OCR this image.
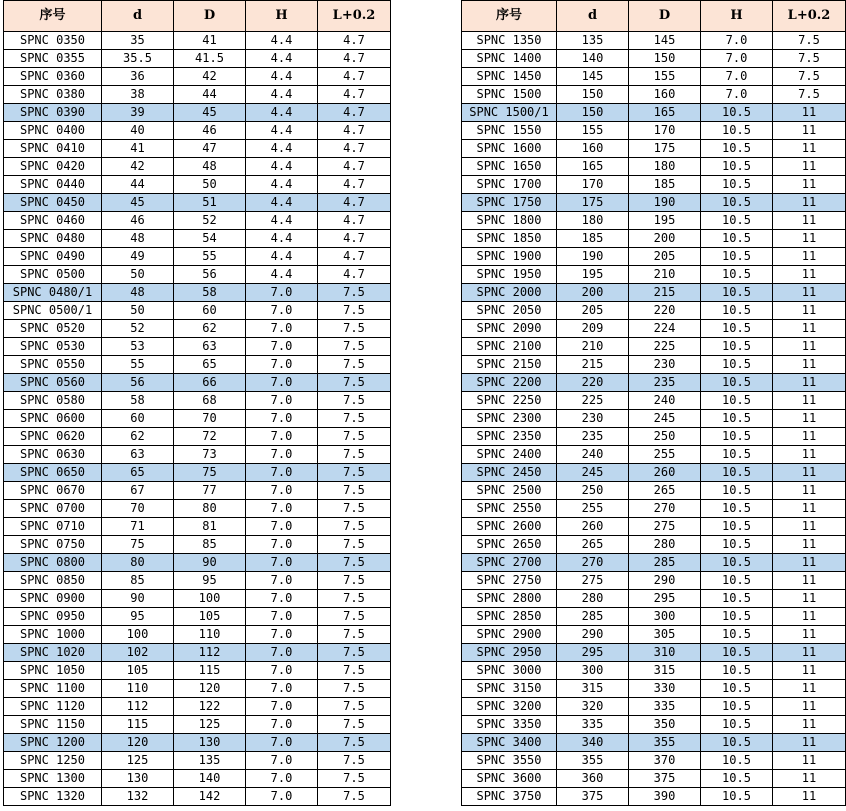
序号	d	D	H	L+0.2
SPNC 0350	35	41	4.4	4.7
SPNC 0355	35.5	41.5	4.4	4.7
SPNC 0360	36	42	4.4	4.7
SPNC 0380	38	44	4.4	4.7
SPNC 0390	39	45	4.4	4.7
SPNC 0400	40	46	4.4	4.7
SPNC 0410	41	47	4.4	4.7
SPNC 0420	42	48	4.4	4.7
SPNC 0440	44	50	4.4	4.7
SPNC 0450	45	51	4.4	4.7
SPNC 0460	46	52	4.4	4.7
SPNC 0480	48	54	4.4	4.7
SPNC 0490	49	55	4.4	4.7
SPNC 0500	50	56	4.4	4.7
SPNC 0480/1	48	58	7.0	7.5
SPNC 0500/1	50	60	7.0	7.5
SPNC 0520	52	62	7.0	7.5
SPNC 0530	53	63	7.0	7.5
SPNC 0550	55	65	7.0	7.5
SPNC 0560	56	66	7.0	7.5
SPNC 0580	58	68	7.0	7.5
SPNC 0600	60	70	7.0	7.5
SPNC 0620	62	72	7.0	7.5
SPNC 0630	63	73	7.0	7.5
SPNC 0650	65	75	7.0	7.5
SPNC 0670	67	77	7.0	7.5
SPNC 0700	70	80	7.0	7.5
SPNC 0710	71	81	7.0	7.5
SPNC 0750	75	85	7.0	7.5
SPNC 0800	80	90	7.0	7.5
SPNC 0850	85	95	7.0	7.5
SPNC 0900	90	100	7.0	7.5
SPNC 0950	95	105	7.0	7.5
SPNC 1000	100	110	7.0	7.5
SPNC 1020	102	112	7.0	7.5
SPNC 1050	105	115	7.0	7.5
SPNC 1100	110	120	7.0	7.5
SPNC 1120	112	122	7.0	7.5
SPNC 1150	115	125	7.0	7.5
SPNC 1200	120	130	7.0	7.5
SPNC 1250	125	135	7.0	7.5
SPNC 1300	130	140	7.0	7.5
SPNC 1320	132	142	7.0	7.5
序号	d	D	H	L+0.2
SPNC 1350	135	145	7.0	7.5
SPNC 1400	140	150	7.0	7.5
SPNC 1450	145	155	7.0	7.5
SPNC 1500	150	160	7.0	7.5
SPNC 1500/1	150	165	10.5	11
SPNC 1550	155	170	10.5	11
SPNC 1600	160	175	10.5	11
SPNC 1650	165	180	10.5	11
SPNC 1700	170	185	10.5	11
SPNC 1750	175	190	10.5	11
SPNC 1800	180	195	10.5	11
SPNC 1850	185	200	10.5	11
SPNC 1900	190	205	10.5	11
SPNC 1950	195	210	10.5	11
SPNC 2000	200	215	10.5	11
SPNC 2050	205	220	10.5	11
SPNC 2090	209	224	10.5	11
SPNC 2100	210	225	10.5	11
SPNC 2150	215	230	10.5	11
SPNC 2200	220	235	10.5	11
SPNC 2250	225	240	10.5	11
SPNC 2300	230	245	10.5	11
SPNC 2350	235	250	10.5	11
SPNC 2400	240	255	10.5	11
SPNC 2450	245	260	10.5	11
SPNC 2500	250	265	10.5	11
SPNC 2550	255	270	10.5	11
SPNC 2600	260	275	10.5	11
SPNC 2650	265	280	10.5	11
SPNC 2700	270	285	10.5	11
SPNC 2750	275	290	10.5	11
SPNC 2800	280	295	10.5	11
SPNC 2850	285	300	10.5	11
SPNC 2900	290	305	10.5	11
SPNC 2950	295	310	10.5	11
SPNC 3000	300	315	10.5	11
SPNC 3150	315	330	10.5	11
SPNC 3200	320	335	10.5	11
SPNC 3350	335	350	10.5	11
SPNC 3400	340	355	10.5	11
SPNC 3550	355	370	10.5	11
SPNC 3600	360	375	10.5	11
SPNC 3750	375	390	10.5	11
